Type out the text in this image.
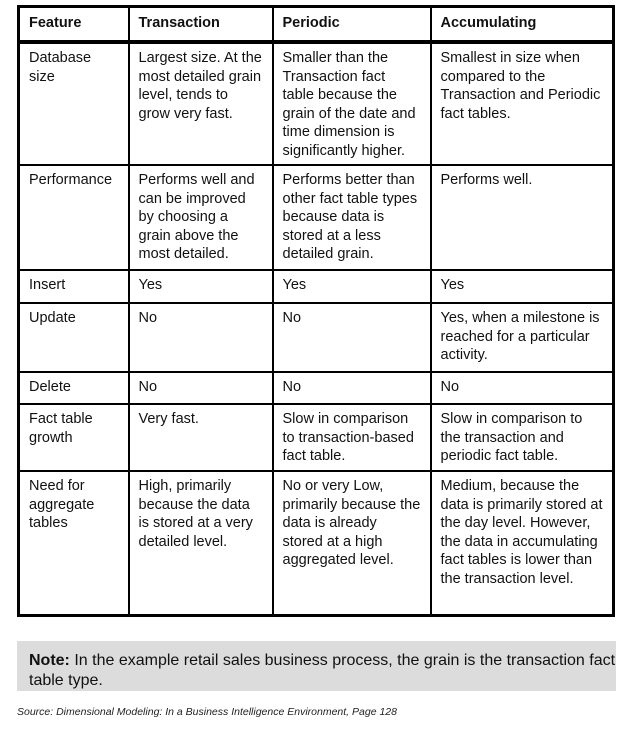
Feature	Transaction	Periodic	Accumulating
Database size	Largest size. At the most detailed grain level, tends to grow very fast.	Smaller than the Transaction fact table because the grain of the date and time dimension is significantly higher.	Smallest in size when compared to the Transaction and Periodic fact tables.
Performance	Performs well and can be improved by choosing a grain above the most detailed.	Performs better than other fact table types because data is stored at a less detailed grain.	Performs well.
Insert	Yes	Yes	Yes
Update	No	No	Yes, when a milestone is reached for a particular activity.
Delete	No	No	No
Fact table growth	Very fast.	Slow in comparison to transaction-based fact table.	Slow in comparison to the transaction and periodic fact table.
Need for aggregate tables	High, primarily because the data is stored at a very detailed level.	No or very Low, primarily because the data is already stored at a high aggregated level.	Medium, because the data is primarily stored at the day level. However, the data in accumulating fact tables is lower than the transaction level.
Note: In the example retail sales business process, the grain is the transaction fact table type.
Source: Dimensional Modeling: In a Business Intelligence Environment, Page 128
